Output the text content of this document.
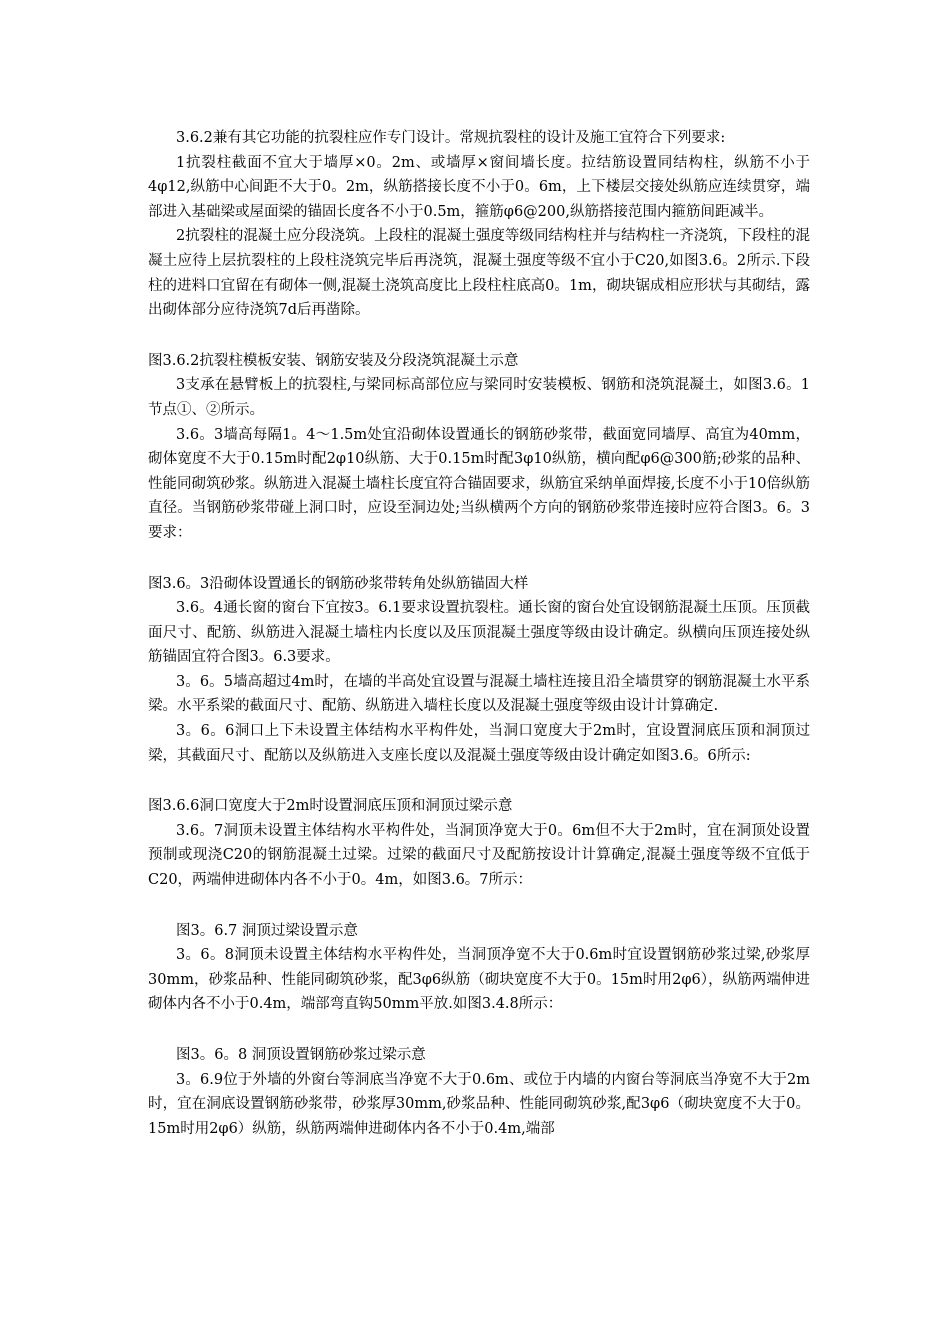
3.6.2兼有其它功能的抗裂柱应作专门设计。常规抗裂柱的设计及施工宜符合下列要求:

1抗裂柱截面不宜大于墙厚×0。2m、或墙厚×窗间墙长度。拉结筋设置同结构柱，纵筋不小于4φ12,纵筋中心间距不大于0。2m，纵筋搭接长度不小于0。6m，上下楼层交接处纵筋应连续贯穿，端部进入基础梁或屋面梁的锚固长度各不小于0.5m，箍筋φ6@200,纵筋搭接范围内箍筋间距减半。

2抗裂柱的混凝土应分段浇筑。上段柱的混凝土强度等级同结构柱并与结构柱一齐浇筑，下段柱的混凝土应待上层抗裂柱的上段柱浇筑完毕后再浇筑，混凝土强度等级不宜小于C20,如图3.6。2所示.下段柱的进料口宜留在有砌体一侧,混凝土浇筑高度比上段柱柱底高0。1m，砌块锯成相应形状与其砌结，露出砌体部分应待浇筑7d后再凿除。

图3.6.2抗裂柱模板安装、钢筋安装及分段浇筑混凝土示意

3支承在悬臂板上的抗裂柱,与梁同标高部位应与梁同时安装模板、钢筋和浇筑混凝土，如图3.6。1节点①、②所示。

3.6。3墙高每隔1。4～1.5m处宜沿砌体设置通长的钢筋砂浆带，截面宽同墙厚、高宜为40mm，砌体宽度不大于0.15m时配2φ10纵筋、大于0.15m时配3φ10纵筋，横向配φ6@300筋;砂浆的品种、性能同砌筑砂浆。纵筋进入混凝土墙柱长度宜符合锚固要求，纵筋宜采纳单面焊接,长度不小于10倍纵筋直径。当钢筋砂浆带碰上洞口时，应设至洞边处;当纵横两个方向的钢筋砂浆带连接时应符合图3。6。3要求：

图3.6。3沿砌体设置通长的钢筋砂浆带转角处纵筋锚固大样

3.6。4通长窗的窗台下宜按3。6.1要求设置抗裂柱。通长窗的窗台处宜设钢筋混凝土压顶。压顶截面尺寸、配筋、纵筋进入混凝土墙柱内长度以及压顶混凝土强度等级由设计确定。纵横向压顶连接处纵筋锚固宜符合图3。6.3要求。

3。6。5墙高超过4m时，在墙的半高处宜设置与混凝土墙柱连接且沿全墙贯穿的钢筋混凝土水平系梁。水平系梁的截面尺寸、配筋、纵筋进入墙柱长度以及混凝土强度等级由设计计算确定.

3。6。6洞口上下未设置主体结构水平构件处，当洞口宽度大于2m时，宜设置洞底压顶和洞顶过梁，其截面尺寸、配筋以及纵筋进入支座长度以及混凝土强度等级由设计确定如图3.6。6所示:

图3.6.6洞口宽度大于2m时设置洞底压顶和洞顶过梁示意

3.6。7洞顶未设置主体结构水平构件处，当洞顶净宽大于0。6m但不大于2m时，宜在洞顶处设置预制或现浇C20的钢筋混凝土过梁。过梁的截面尺寸及配筋按设计计算确定,混凝土强度等级不宜低于C20，两端伸进砌体内各不小于0。4m，如图3.6。7所示：

图3。6.7 洞顶过梁设置示意

3。6。8洞顶未设置主体结构水平构件处，当洞顶净宽不大于0.6m时宜设置钢筋砂浆过梁,砂浆厚30mm，砂浆品种、性能同砌筑砂浆，配3φ6纵筋（砌块宽度不大于0。15m时用2φ6），纵筋两端伸进砌体内各不小于0.4m，端部弯直钩50mm平放.如图3.4.8所示：

图3。6。8 洞顶设置钢筋砂浆过梁示意

3。6.9位于外墙的外窗台等洞底当净宽不大于0.6m、或位于内墙的内窗台等洞底当净宽不大于2m时，宜在洞底设置钢筋砂浆带，砂浆厚30mm,砂浆品种、性能同砌筑砂浆,配3φ6（砌块宽度不大于0。15m时用2φ6）纵筋，纵筋两端伸进砌体内各不小于0.4m,端部
